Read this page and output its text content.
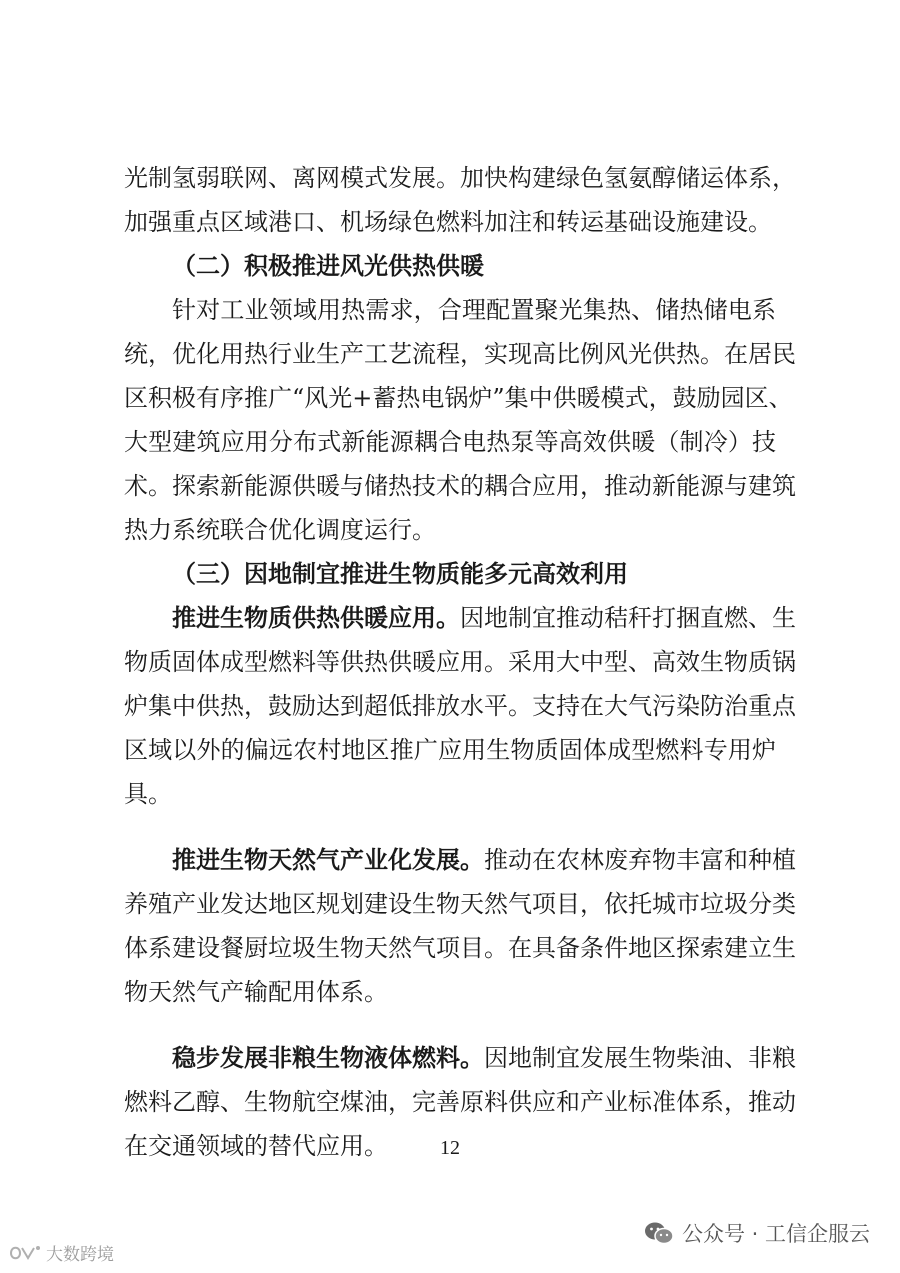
光制氢弱联网、离网模式发展。加快构建绿色氢氨醇储运体系，
加强重点区域港口、机场绿色燃料加注和转运基础设施建设。
（二）积极推进风光供热供暖
针对工业领域用热需求，合理配置聚光集热、储热储电系
统，优化用热行业生产工艺流程，实现高比例风光供热。在居民
区积极有序推广“风光+蓄热电锅炉”集中供暖模式，鼓励园区、
大型建筑应用分布式新能源耦合电热泵等高效供暖（制冷）技
术。探索新能源供暖与储热技术的耦合应用，推动新能源与建筑
热力系统联合优化调度运行。
（三）因地制宜推进生物质能多元高效利用
推进生物质供热供暖应用。因地制宜推动秸秆打捆直燃、生
物质固体成型燃料等供热供暖应用。采用大中型、高效生物质锅
炉集中供热，鼓励达到超低排放水平。支持在大气污染防治重点
区域以外的偏远农村地区推广应用生物质固体成型燃料专用炉
具。
推进生物天然气产业化发展。推动在农林废弃物丰富和种植
养殖产业发达地区规划建设生物天然气项目，依托城市垃圾分类
体系建设餐厨垃圾生物天然气项目。在具备条件地区探索建立生
物天然气产输配用体系。
稳步发展非粮生物液体燃料。因地制宜发展生物柴油、非粮
燃料乙醇、生物航空煤油，完善原料供应和产业标准体系，推动
在交通领域的替代应用。	12
公众号 · 工信企服云
大数跨境
